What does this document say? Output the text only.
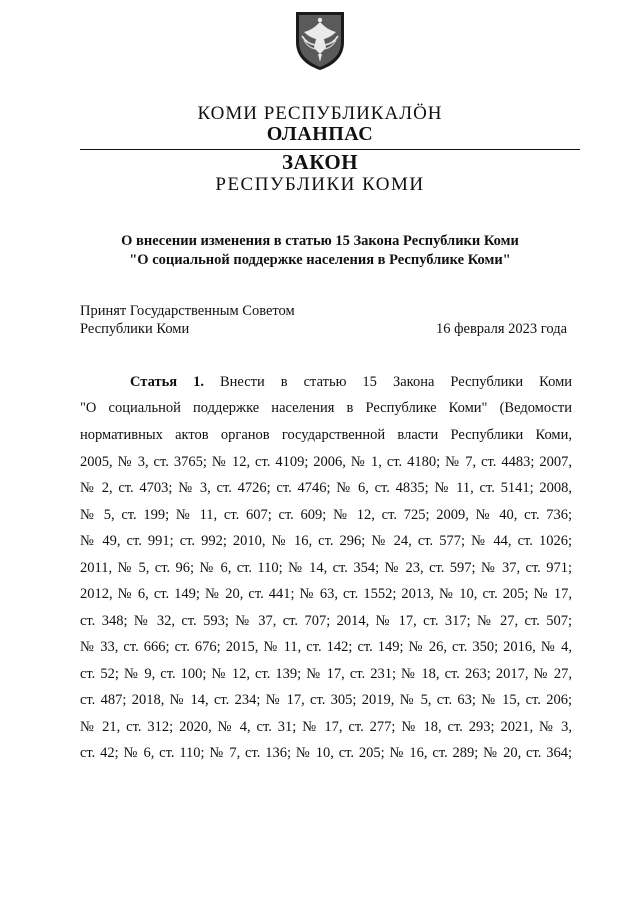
КОМИ РЕСПУБЛИКАЛӦН
ОЛАНПАС
ЗАКОН
РЕСПУБЛИКИ КОМИ
О внесении изменения в статью 15 Закона Республики Коми
"О социальной поддержке населения в Республике Коми"
Принят Государственным Советом
Республики Коми	16 февраля 2023 года
Статья 1. Внести в статью 15 Закона Республики Коми
"О социальной поддержке населения в Республике Коми" (Ведомости
нормативных актов органов государственной власти Республики Коми,
2005, № 3, ст. 3765; № 12, ст. 4109; 2006, № 1, ст. 4180; № 7, ст. 4483; 2007,
№ 2, ст. 4703; № 3, ст. 4726; ст. 4746; № 6, ст. 4835; № 11, ст. 5141; 2008,
№ 5, ст. 199; № 11, ст. 607; ст. 609; № 12, ст. 725; 2009, № 40, ст. 736;
№ 49, ст. 991; ст. 992; 2010, № 16, ст. 296; № 24, ст. 577; № 44, ст. 1026;
2011, № 5, ст. 96; № 6, ст. 110; № 14, ст. 354; № 23, ст. 597; № 37, ст. 971;
2012, № 6, ст. 149; № 20, ст. 441; № 63, ст. 1552; 2013, № 10, ст. 205; № 17,
ст. 348; № 32, ст. 593; № 37, ст. 707; 2014, № 17, ст. 317; № 27, ст. 507;
№ 33, ст. 666; ст. 676; 2015, № 11, ст. 142; ст. 149; № 26, ст. 350; 2016, № 4,
ст. 52; № 9, ст. 100; № 12, ст. 139; № 17, ст. 231; № 18, ст. 263; 2017, № 27,
ст. 487; 2018, № 14, ст. 234; № 17, ст. 305; 2019, № 5, ст. 63; № 15, ст. 206;
№ 21, ст. 312; 2020, № 4, ст. 31; № 17, ст. 277; № 18, ст. 293; 2021, № 3,
ст. 42; № 6, ст. 110; № 7, ст. 136; № 10, ст. 205; № 16, ст. 289; № 20, ст. 364;
